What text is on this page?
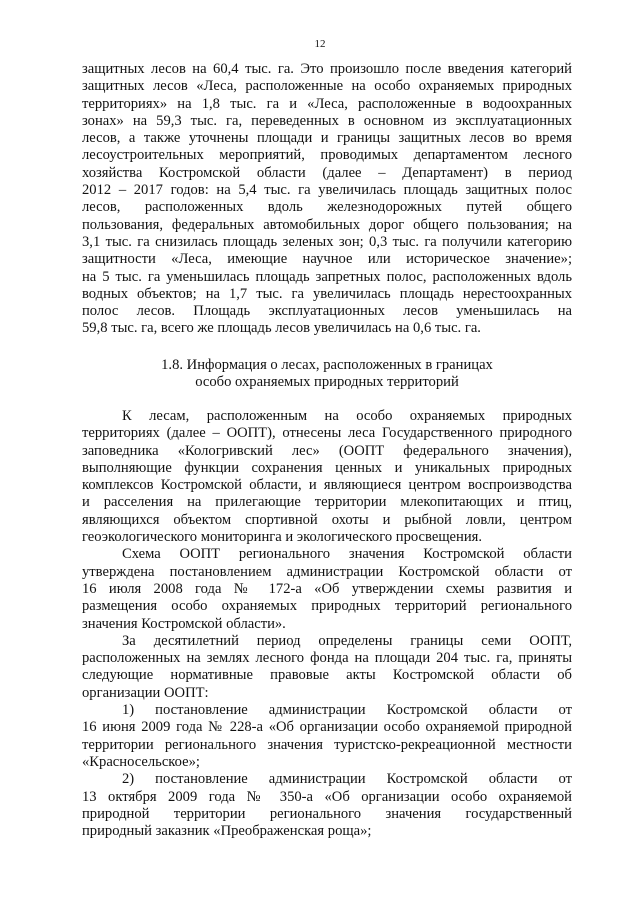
12
защитных лесов на 60,4 тыс. га. Это произошло после введения категорий
защитных лесов «Леса, расположенные на особо охраняемых природных
территориях» на 1,8 тыс. га и «Леса, расположенные в водоохранных
зонах» на 59,3 тыс. га, переведенных в основном из эксплуатационных
лесов, а также уточнены площади и границы защитных лесов во время
лесоустроительных мероприятий, проводимых департаментом лесного
хозяйства Костромской области (далее – Департамент) в период
2012 – 2017 годов: на 5,4 тыс. га увеличилась площадь защитных полос
лесов, расположенных вдоль железнодорожных путей общего
пользования, федеральных автомобильных дорог общего пользования; на
3,1 тыс. га снизилась площадь зеленых зон; 0,3 тыс. га получили категорию
защитности «Леса, имеющие научное или историческое значение»;
на 5 тыс. га уменьшилась площадь запретных полос, расположенных вдоль
водных объектов; на 1,7 тыс. га увеличилась площадь нерестоохранных
полос лесов. Площадь эксплуатационных лесов уменьшилась на
59,8 тыс. га, всего же площадь лесов увеличилась на 0,6 тыс. га.
1.8. Информация о лесах, расположенных в границах
особо охраняемых природных территорий
К лесам, расположенным на особо охраняемых природных
территориях (далее – ООПТ), отнесены леса Государственного природного
заповедника «Кологривский лес» (ООПТ федерального значения),
выполняющие функции сохранения ценных и уникальных природных
комплексов Костромской области, и являющиеся центром воспроизводства
и расселения на прилегающие территории млекопитающих и птиц,
являющихся объектом спортивной охоты и рыбной ловли, центром
геоэкологического мониторинга и экологического просвещения.
Схема ООПТ регионального значения Костромской области
утверждена постановлением администрации Костромской области от
16 июля 2008 года № 172-а «Об утверждении схемы развития и
размещения особо охраняемых природных территорий регионального
значения Костромской области».
За десятилетний период определены границы семи ООПТ,
расположенных на землях лесного фонда на площади 204 тыс. га, приняты
следующие нормативные правовые акты Костромской области об
организации ООПТ:
1) постановление администрации Костромской области от
16 июня 2009 года № 228-а «Об организации особо охраняемой природной
территории регионального значения туристско-рекреационной местности
«Красносельское»;
2) постановление администрации Костромской области от
13 октября 2009 года № 350-а «Об организации особо охраняемой
природной территории регионального значения государственный
природный заказник «Преображенская роща»;
